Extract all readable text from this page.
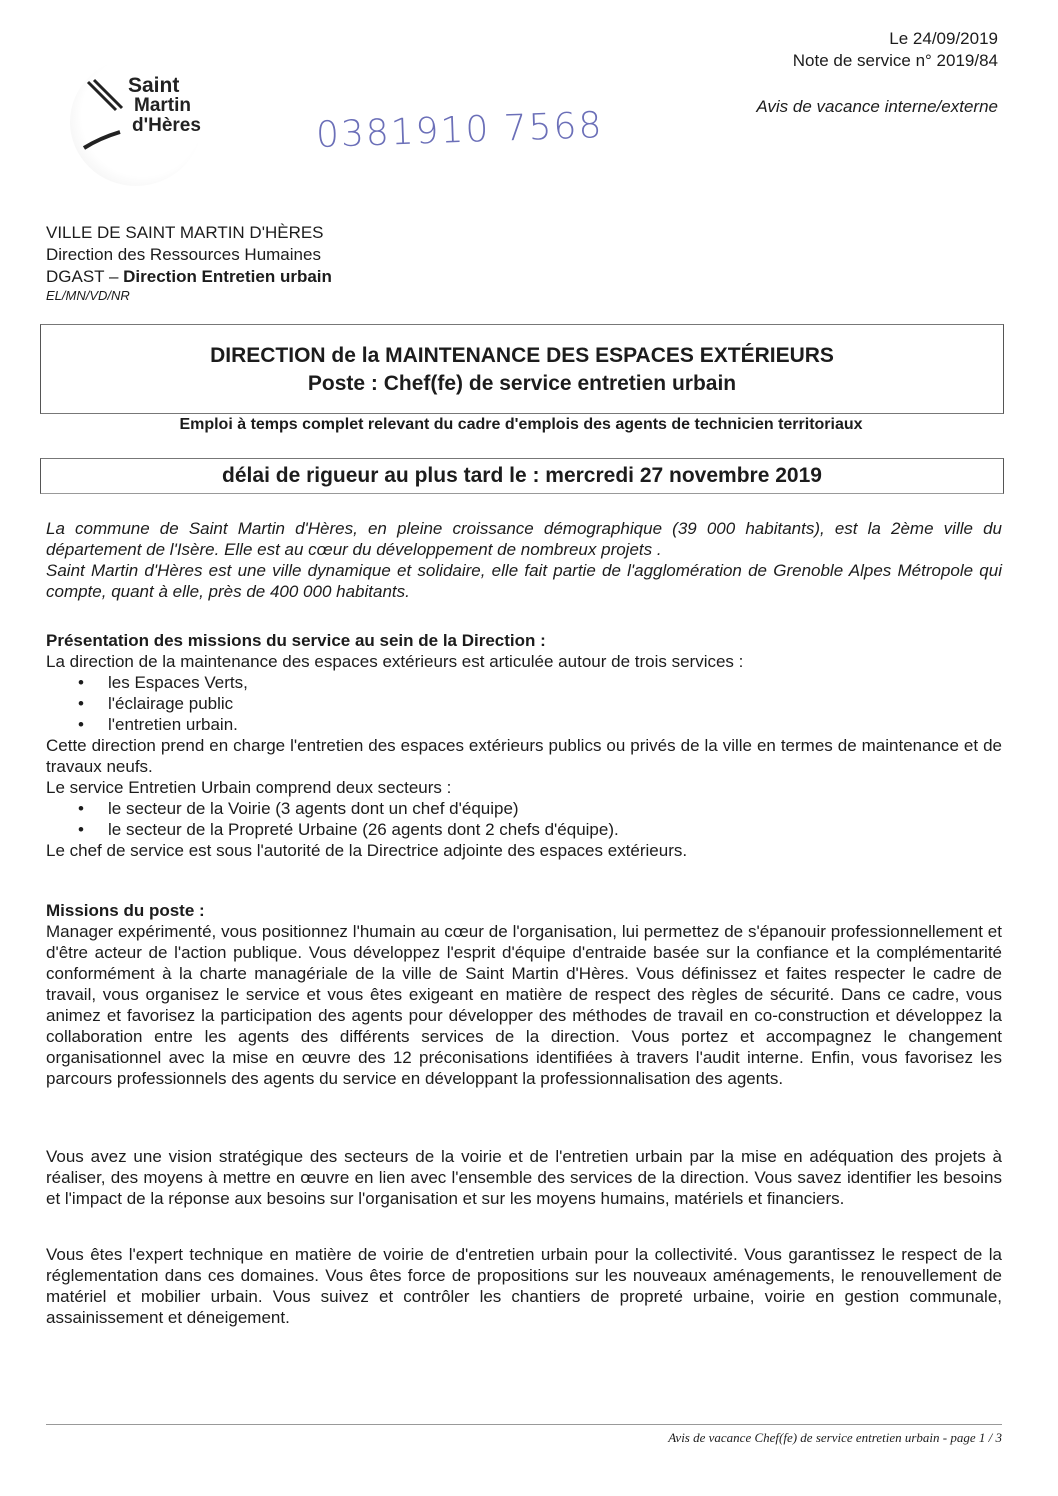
Saint
Martin
d'Hères
Le 24/09/2019
Note de service n° 2019/84
Avis de vacance interne/externe
0381910 7568
VILLE DE SAINT MARTIN D'HÈRES
Direction des Ressources Humaines
DGAST – Direction Entretien urbain
EL/MN/VD/NR
DIRECTION de la MAINTENANCE DES ESPACES EXTÉRIEURS
Poste : Chef(fe) de service entretien urbain
Emploi à temps complet relevant du cadre d'emplois des agents de technicien territoriaux
délai de rigueur au plus tard le : mercredi 27 novembre 2019

La commune de Saint Martin d'Hères, en pleine croissance démographique (39 000 habitants), est la 2ème ville du département de l'Isère. Elle est au cœur du développement de nombreux projets .

Saint Martin d'Hères est une ville dynamique et solidaire, elle fait partie de l'agglomération de Grenoble Alpes Métropole qui compte, quant à elle, près de 400 000 habitants.

Présentation des missions du service au sein de la Direction :

La direction de la maintenance des espaces extérieurs est articulée autour de trois services :

• les Espaces Verts,

• l'éclairage public

• l'entretien urbain.

Cette direction prend en charge l'entretien des espaces extérieurs publics ou privés de la ville en termes de maintenance et de travaux neufs.

Le service Entretien Urbain comprend deux secteurs :

• le secteur de la Voirie (3 agents dont un chef d'équipe)

• le secteur de la Propreté Urbaine (26 agents dont 2 chefs d'équipe).

Le chef de service est sous l'autorité de la Directrice adjointe des espaces extérieurs.

Missions du poste :

Manager expérimenté, vous positionnez l'humain au cœur de l'organisation, lui permettez de s'épanouir professionnellement et d'être acteur de l'action publique. Vous développez l'esprit d'équipe d'entraide basée sur la confiance et la complémentarité conformément à la charte managériale de la ville de Saint Martin d'Hères. Vous définissez et faites respecter le cadre de travail, vous organisez le service et vous êtes exigeant en matière de respect des règles de sécurité. Dans ce cadre, vous animez et favorisez la participation des agents pour développer des méthodes de travail en co-construction et développez la collaboration entre les agents des différents services de la direction. Vous portez et accompagnez le changement organisationnel avec la mise en œuvre des 12 préconisations identifiées à travers l'audit interne. Enfin, vous favorisez les parcours professionnels des agents du service en développant la professionnalisation des agents.

Vous avez une vision stratégique des secteurs de la voirie et de l'entretien urbain par la mise en adéquation des projets à réaliser, des moyens à mettre en œuvre en lien avec l'ensemble des services de la direction. Vous savez identifier les besoins et l'impact de la réponse aux besoins sur l'organisation et sur les moyens humains, matériels et financiers.

Vous êtes l'expert technique en matière de voirie de d'entretien urbain pour la collectivité. Vous garantissez le respect de la réglementation dans ces domaines. Vous êtes force de propositions sur les nouveaux aménagements, le renouvellement de matériel et mobilier urbain. Vous suivez et contrôler les chantiers de propreté urbaine, voirie en gestion communale, assainissement et déneigement.

Avis de vacance Chef(fe) de service entretien urbain - page 1 / 3
